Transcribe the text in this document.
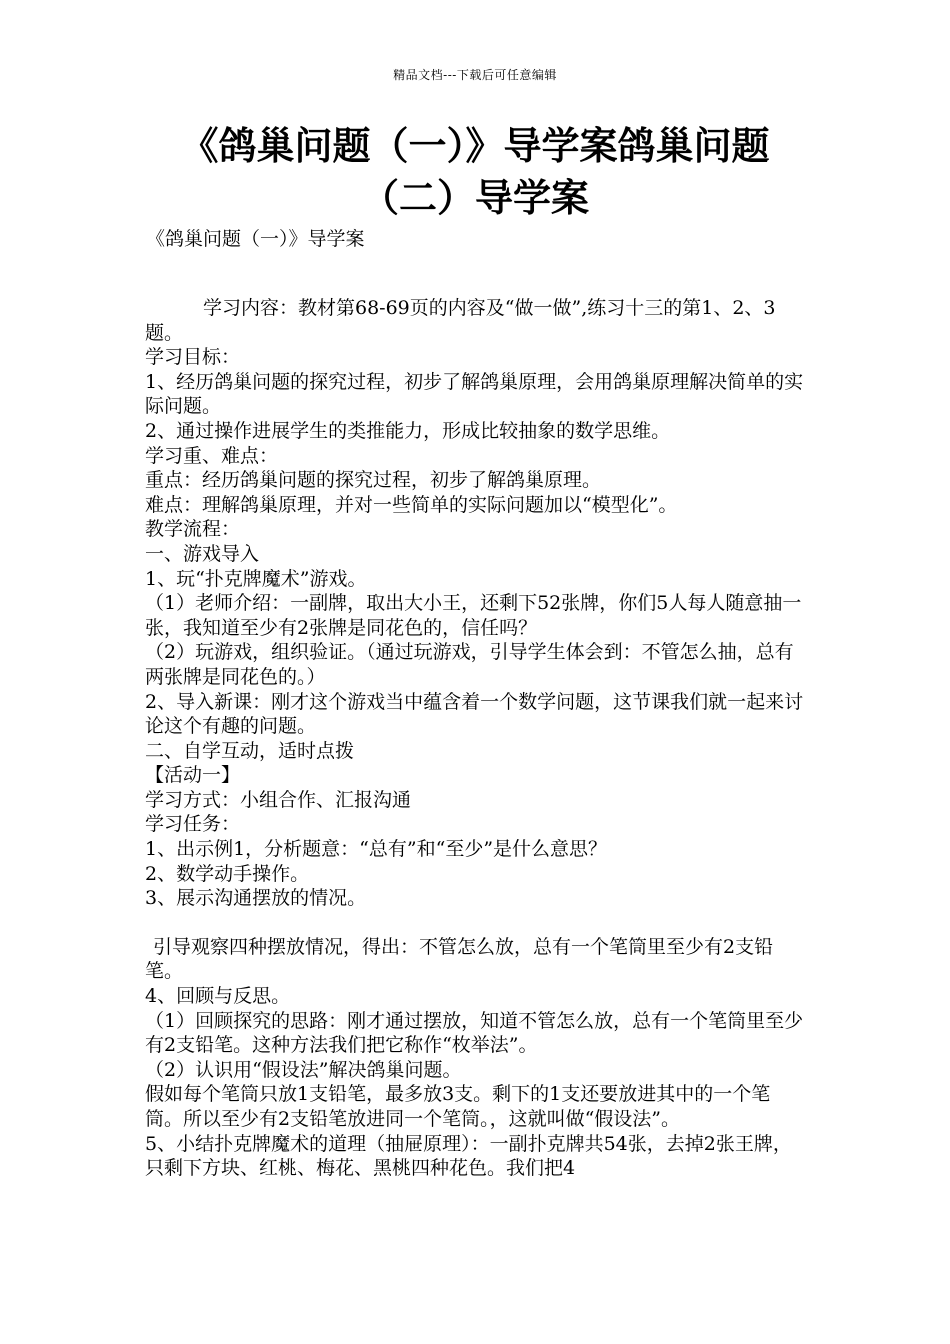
精品文档---下载后可任意编辑
《鸽巢问题（一）》导学案鸽巢问题
（二）导学案
《鸽巢问题（一）》导学案

学习内容：教材第68-69页的内容及“做一做”,练习十三的第1、2、3题。

学习目标：

1、经历鸽巢问题的探究过程，初步了解鸽巢原理，会用鸽巢原理解决简单的实际问题。

2、通过操作进展学生的类推能力，形成比较抽象的数学思维。

学习重、难点：

重点：经历鸽巢问题的探究过程，初步了解鸽巢原理。

难点：理解鸽巢原理，并对一些简单的实际问题加以“模型化”。

教学流程：

一、游戏导入

1、玩“扑克牌魔术”游戏。

（1）老师介绍：一副牌，取出大小王，还剩下52张牌，你们5人每人随意抽一张，我知道至少有2张牌是同花色的，信任吗？

（2）玩游戏，组织验证。（通过玩游戏，引导学生体会到：不管怎么抽，总有两张牌是同花色的。）

2、导入新课：刚才这个游戏当中蕴含着一个数学问题，这节课我们就一起来讨论这个有趣的问题。

二、自学互动，适时点拨

【活动一】

学习方式：小组合作、汇报沟通

学习任务：

1、出示例1，分析题意：“总有”和“至少”是什么意思？

2、数学动手操作。

3、展示沟通摆放的情况。

引导观察四种摆放情况，得出：不管怎么放，总有一个笔筒里至少有2支铅笔。

4、回顾与反思。

（1）回顾探究的思路：刚才通过摆放，知道不管怎么放，总有一个笔筒里至少有2支铅笔。这种方法我们把它称作“枚举法”。

（2）认识用“假设法”解决鸽巢问题。

假如每个笔筒只放1支铅笔，最多放3支。剩下的1支还要放进其中的一个笔筒。所以至少有2支铅笔放进同一个笔筒。，这就叫做“假设法”。

5、小结扑克牌魔术的道理（抽屉原理）：一副扑克牌共54张，去掉2张王牌，只剩下方块、红桃、梅花、黑桃四种花色。我们把4
